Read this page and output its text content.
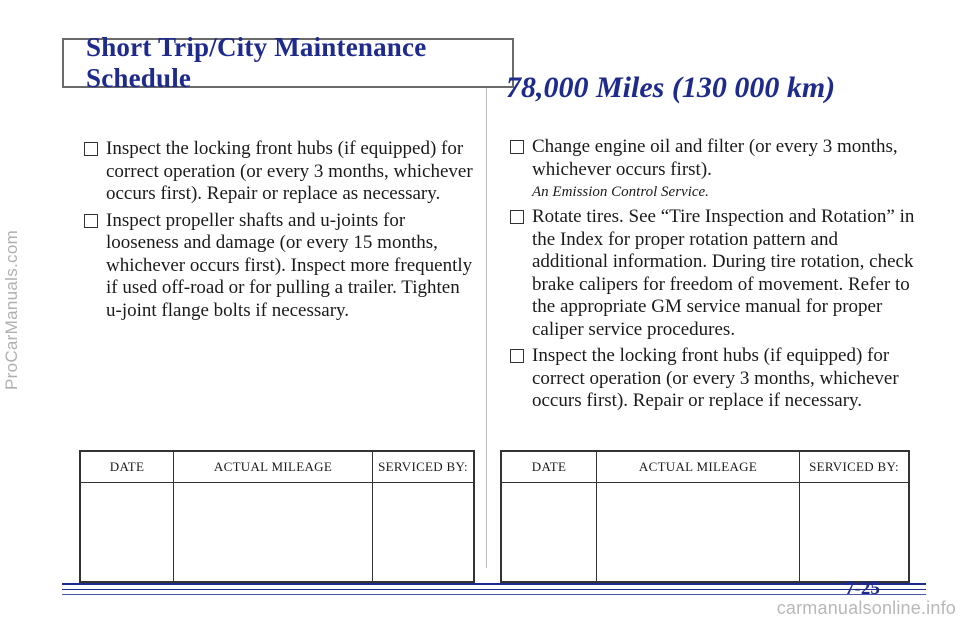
ProCarManuals.com
Short Trip/City Maintenance Schedule
Inspect the locking front hubs (if equipped) for correct operation (or every 3 months, whichever occurs first). Repair or replace as necessary.
Inspect propeller shafts and u-joints for looseness and damage (or every 15 months, whichever occurs first). Inspect more frequently if used off-road or for pulling a trailer. Tighten u-joint flange bolts if necessary.
DATE	ACTUAL MILEAGE	SERVICED BY:

78,000 Miles (130 000 km)
Change engine oil and filter (or every 3 months, whichever occurs first).
An Emission Control Service.
Rotate tires. See “Tire Inspection and Rotation” in the Index for proper rotation pattern and additional information. During tire rotation, check brake calipers for freedom of movement. Refer to the appropriate GM service manual for proper caliper service procedures.
Inspect the locking front hubs (if equipped) for correct operation (or every 3 months, whichever occurs first). Repair or replace if necessary.
DATE	ACTUAL MILEAGE	SERVICED BY:

7-25
carmanualsonline.info
